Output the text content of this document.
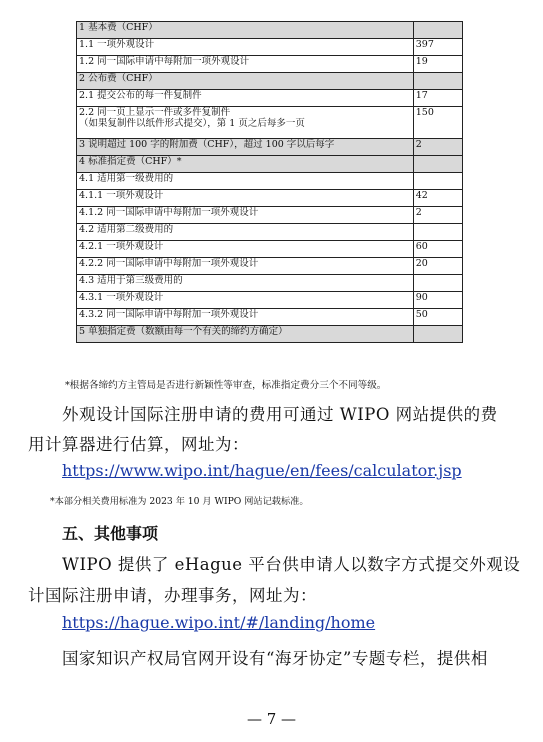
1 基本费（CHF）	

1.1 一项外观设计	397

1.2 同一国际申请中每附加一项外观设计	19

2 公布费（CHF）	

2.1 提交公布的每一件复制件	17

2.2 同一页上显示一件或多件复制件
（如果复制件以纸件形式提交），第 1 页之后每多一页	150

3 说明超过 100 字的附加费（CHF），超过 100 字以后每字	2

4 标准指定费（CHF）*	

4.1 适用第一级费用的	

4.1.1 一项外观设计	42

4.1.2 同一国际申请中每附加一项外观设计	2

4.2 适用第二级费用的	

4.2.1 一项外观设计	60

4.2.2 同一国际申请中每附加一项外观设计	20

4.3 适用于第三级费用的	

4.3.1 一项外观设计	90

4.3.2 同一国际申请中每附加一项外观设计	50

5 单独指定费（数额由每一个有关的缔约方确定）	

*根据各缔约方主管局是否进行新颖性等审查，标准指定费分三个不同等级。
外观设计国际注册申请的费用可通过 WIPO 网站提供的费
用计算器进行估算，网址为：
https://www.wipo.int/hague/en/fees/calculator.jsp
*本部分相关费用标准为 2023 年 10 月 WIPO 网站记载标准。
五、其他事项
WIPO 提供了 eHague 平台供申请人以数字方式提交外观设
计国际注册申请，办理事务，网址为：
https://hague.wipo.int/#/landing/home
国家知识产权局官网开设有“海牙协定”专题专栏，提供相
— 7 —
